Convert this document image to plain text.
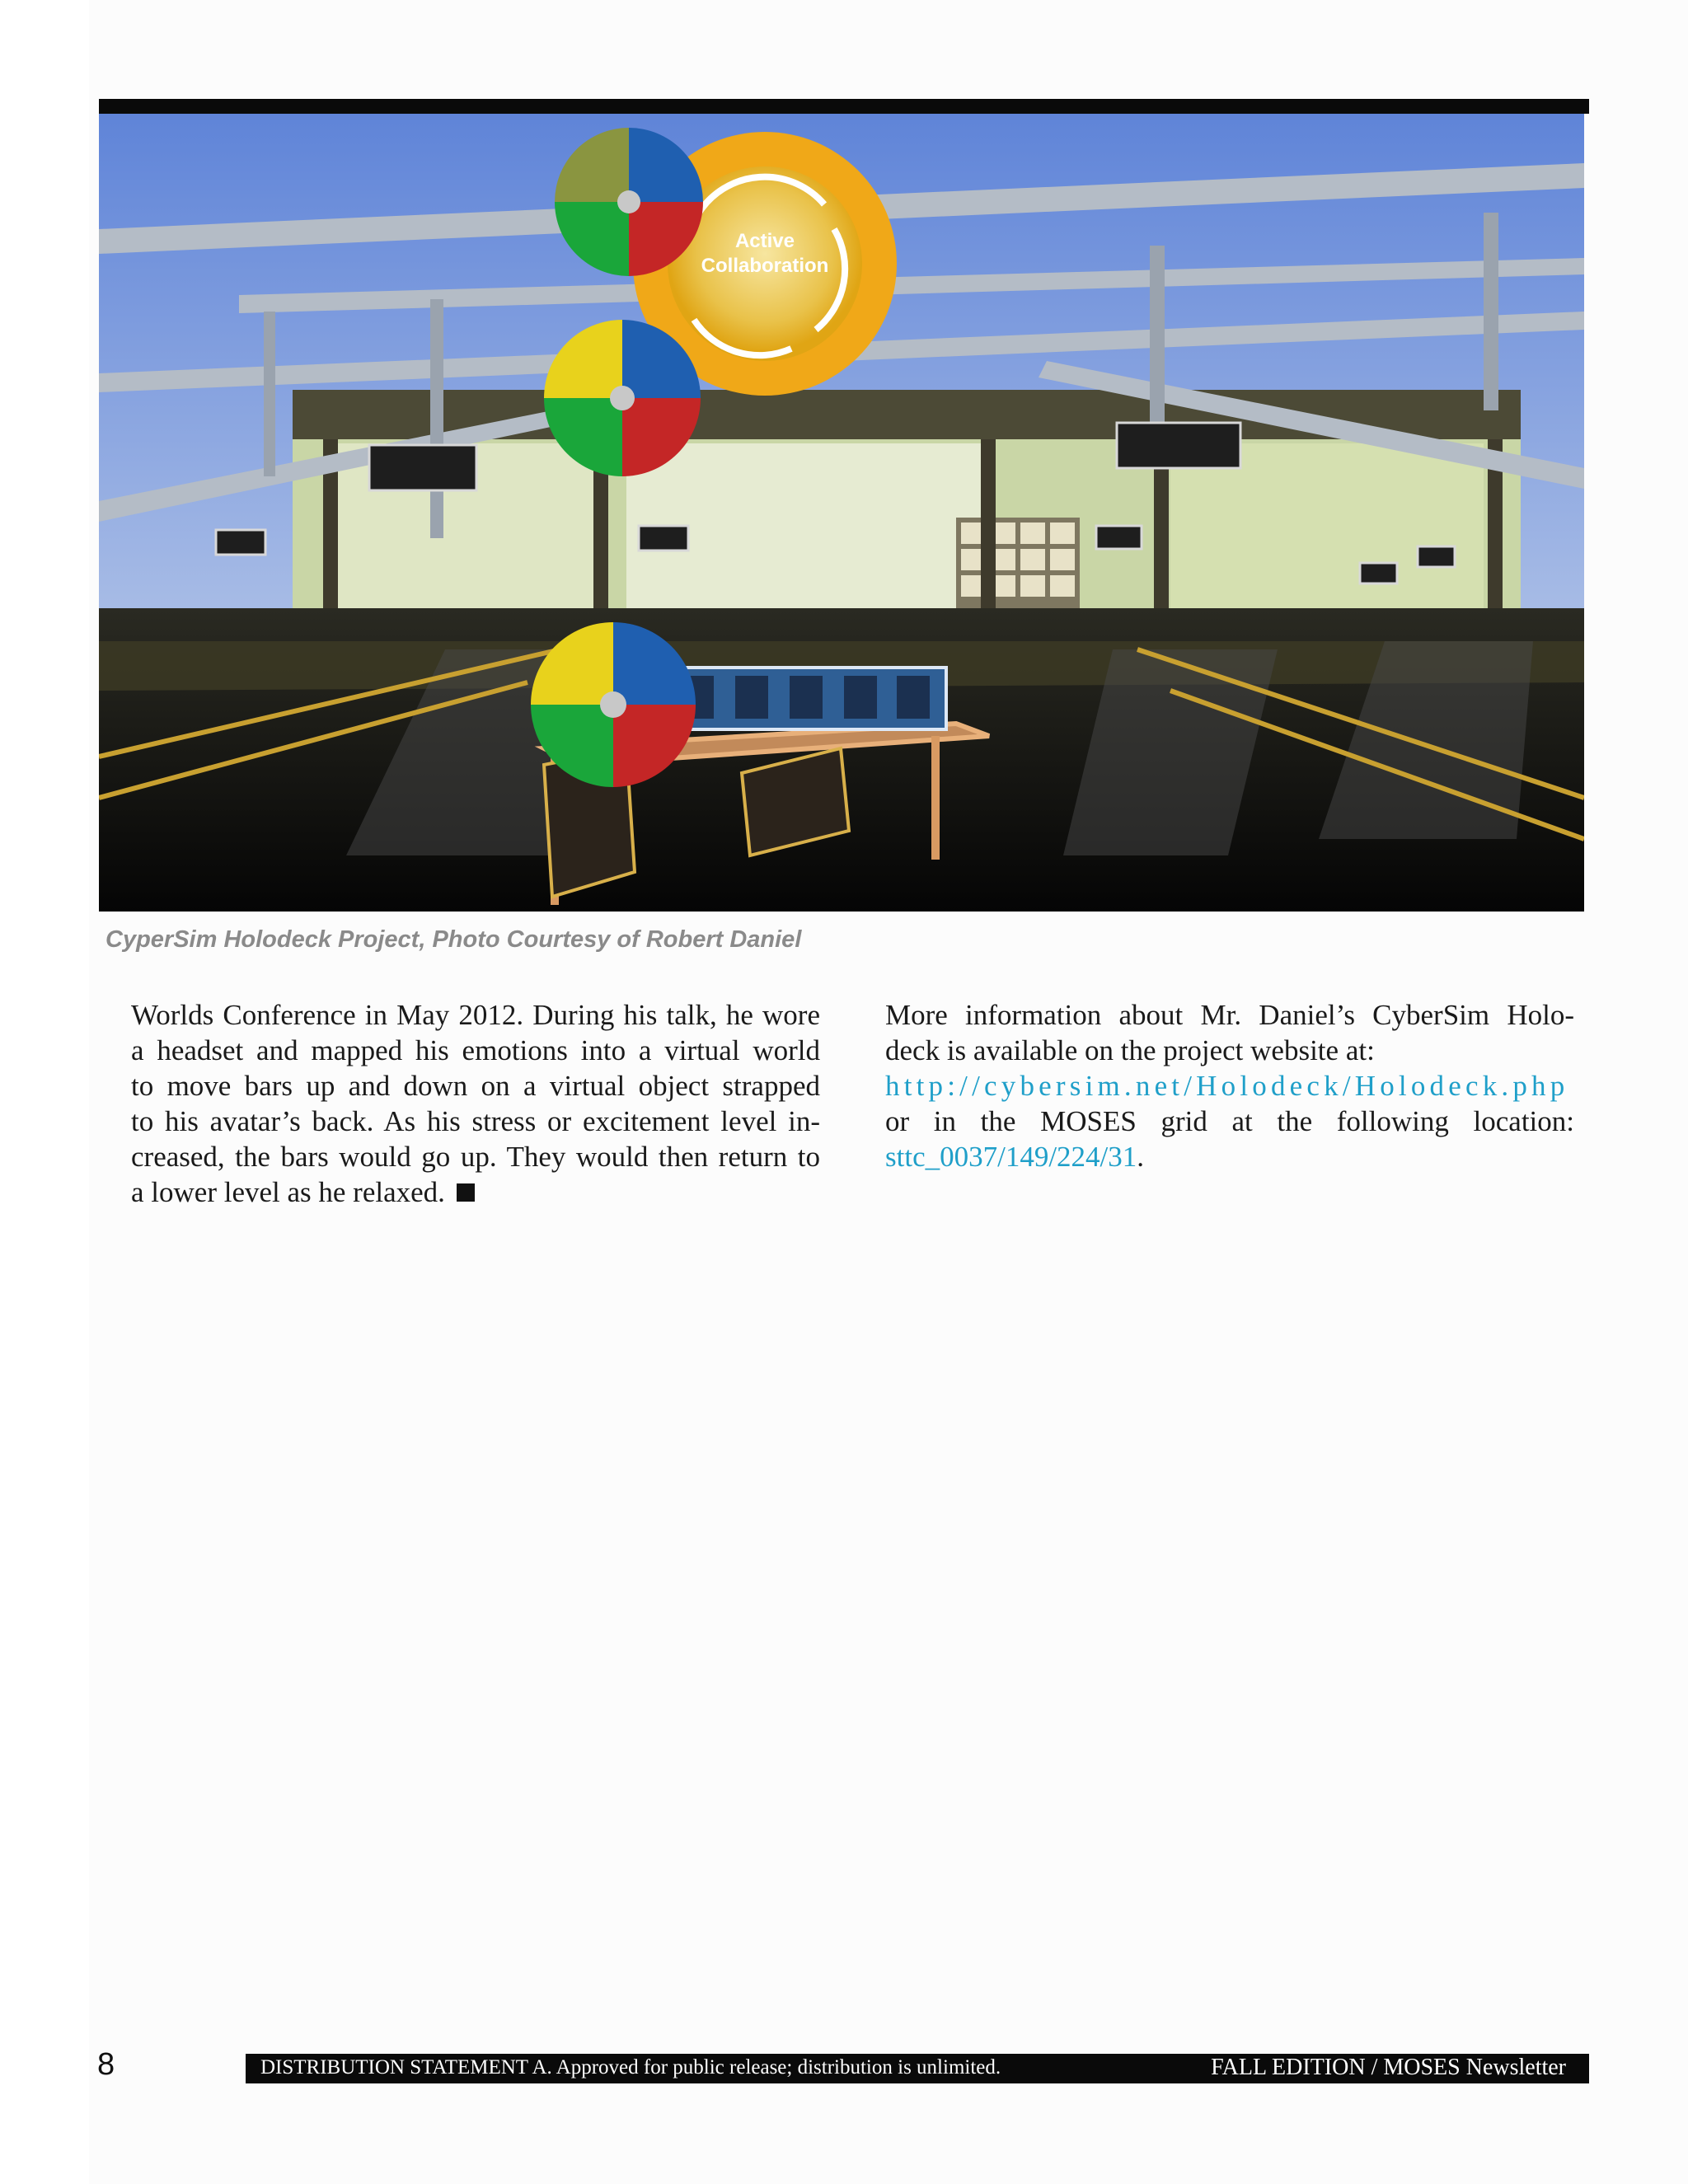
Active
Collaboration
CyperSim Holodeck Project, Photo Courtesy of Robert Daniel
Worlds Conference in May 2012. During his talk, he wore
a headset and mapped his emotions into a virtual world
to move bars up and down on a virtual object strapped
to his avatar’s back. As his stress or excitement level in-
creased, the bars would go up. They would then return to
a lower level as he relaxed.
More information about Mr. Daniel’s CyberSim Holo-
deck is available on the project website at:
http://cybersim.net/Holodeck/Holodeck.php
or in the MOSES grid at the following location:
sttc_0037/149/224/31.
8	DISTRIBUTION STATEMENT A. Approved for public release; distribution is unlimited.	FALL EDITION / MOSES Newsletter
